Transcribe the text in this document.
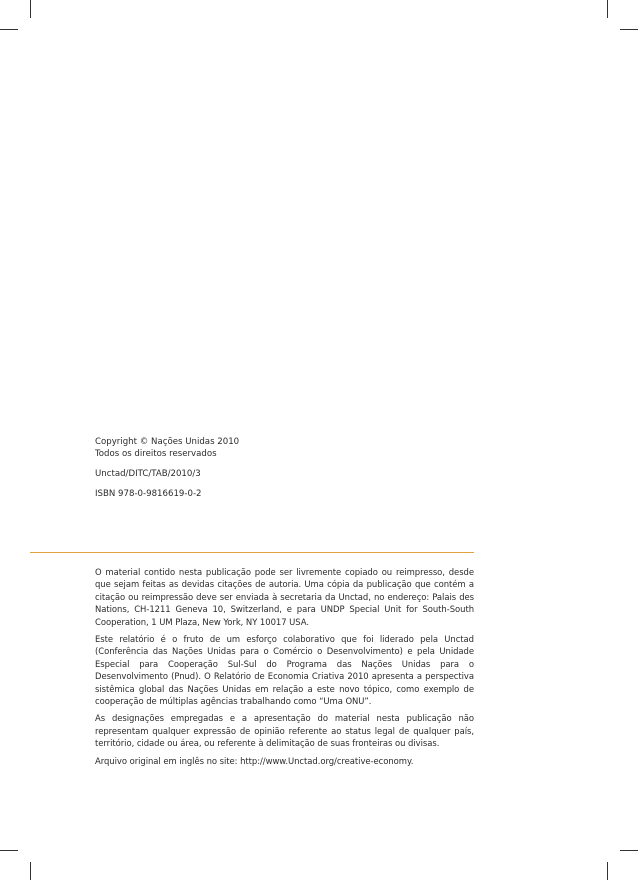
Copyright © Nações Unidas 2010
Todos os direitos reservados
Unctad/DITC/TAB/2010/3
ISBN 978-0-9816619-0-2

O material contido nesta publicação pode ser livremente copiado ou reimpresso, desde que sejam feitas as devidas citações de autoria. Uma cópia da publicação que contém a citação ou reimpressão deve ser enviada à secretaria da Unctad, no endereço: Palais des Nations, CH-1211 Geneva 10, Switzerland, e para UNDP Special Unit for South-South Cooperation, 1 UM Plaza, New York, NY 10017 USA.

Este relatório é o fruto de um esforço colaborativo que foi liderado pela Unctad (Conferência das Nações Unidas para o Comércio o Desenvolvimento) e pela Unidade Especial para Cooperação Sul-Sul do Programa das Nações Unidas para o Desenvolvimento (Pnud). O Relatório de Economia Criativa 2010 apresenta a perspectiva sistêmica global das Nações Unidas em relação a este novo tópico, como exemplo de cooperação de múltiplas agências trabalhando como “Uma ONU”.

As designações empregadas e a apresentação do material nesta publicação não representam qualquer expressão de opinião referente ao status legal de qualquer país, território, cidade ou área, ou referente à delimitação de suas fronteiras ou divisas.

Arquivo original em inglês no site: http://www.Unctad.org/creative-economy.
